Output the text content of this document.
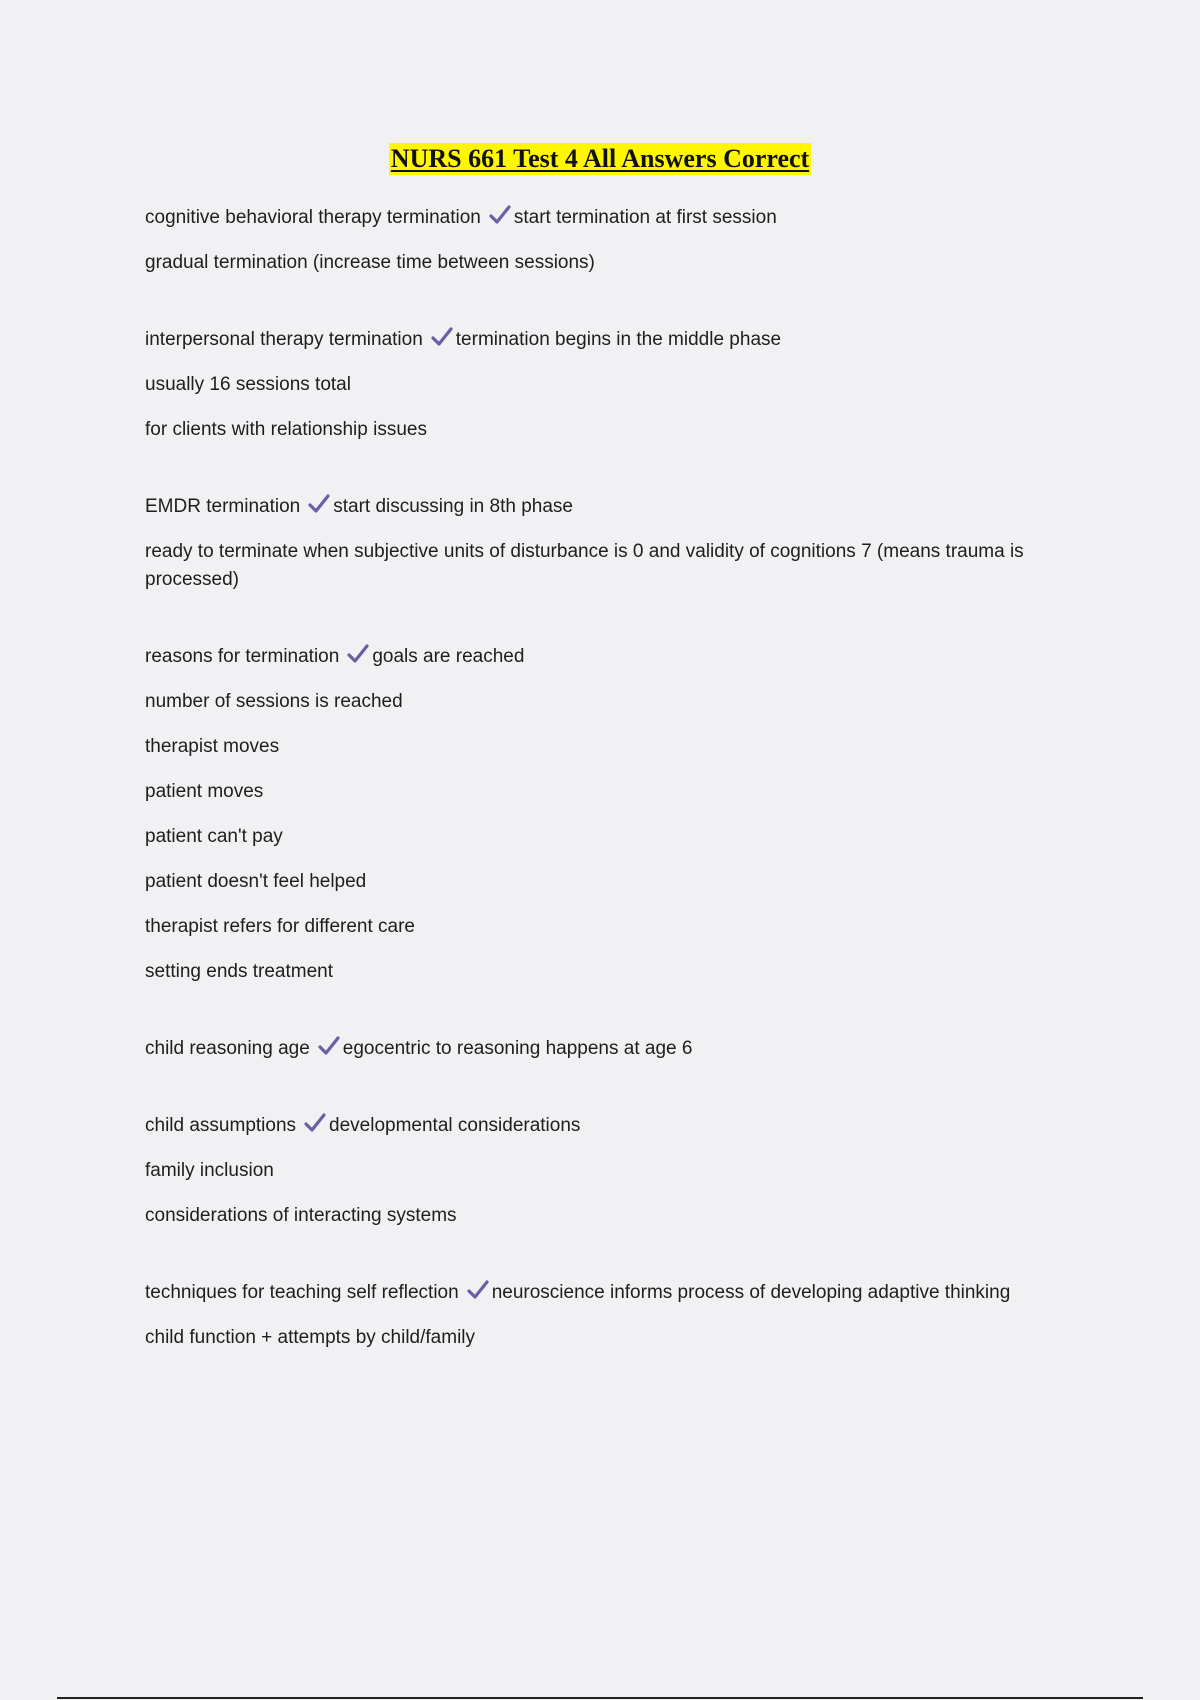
NURS 661 Test 4 All Answers Correct
cognitive behavioral therapy termination start termination at first session
gradual termination (increase time between sessions)
interpersonal therapy termination termination begins in the middle phase
usually 16 sessions total
for clients with relationship issues
EMDR termination start discussing in 8th phase
ready to terminate when subjective units of disturbance is 0 and validity of cognitions 7 (means trauma is processed)
reasons for termination goals are reached
number of sessions is reached
therapist moves
patient moves
patient can't pay
patient doesn't feel helped
therapist refers for different care
setting ends treatment
child reasoning age egocentric to reasoning happens at age 6
child assumptions developmental considerations
family inclusion
considerations of interacting systems
techniques for teaching self reflection neuroscience informs process of developing adaptive thinking
child function + attempts by child/family
